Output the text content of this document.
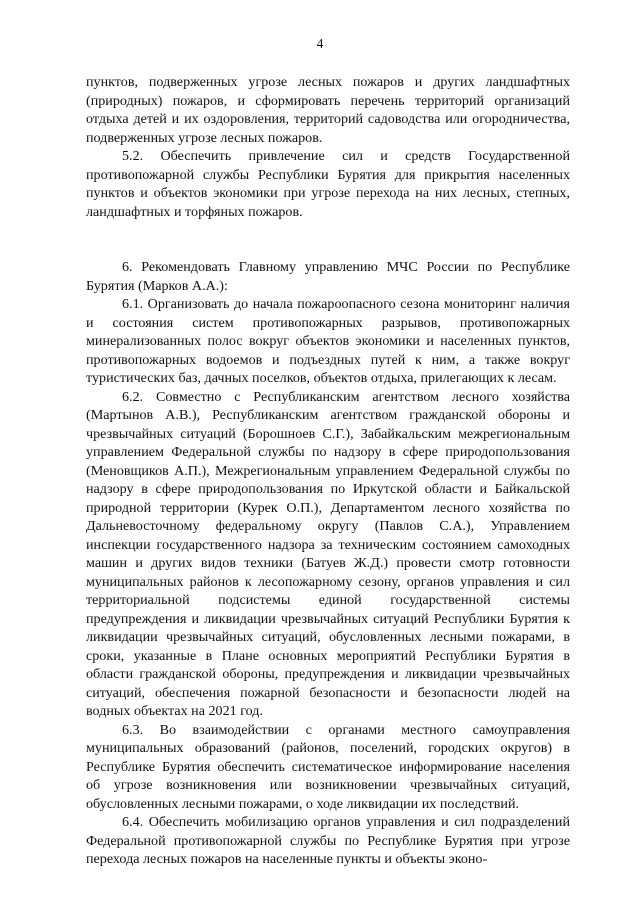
4

пунктов, подверженных угрозе лесных пожаров и других ландшафтных (природных) пожаров, и сформировать перечень территорий организаций отдыха детей и их оздоровления, территорий садоводства или огородничества, подверженных угрозе лесных пожаров.

5.2. Обеспечить привлечение сил и средств Государственной противопожарной службы Республики Бурятия для прикрытия населенных пунктов и объектов экономики при угрозе перехода на них лесных, степных, ландшафтных и торфяных пожаров.

6. Рекомендовать Главному управлению МЧС России по Республике Бурятия (Марков А.А.):

6.1. Организовать до начала пожароопасного сезона мониторинг наличия и состояния систем противопожарных разрывов, противопожарных минерализованных полос вокруг объектов экономики и населенных пунктов, противопожарных водоемов и подъездных путей к ним, а также вокруг туристических баз, дачных поселков, объектов отдыха, прилегающих к лесам.

6.2. Совместно с Республиканским агентством лесного хозяйства (Мартынов А.В.), Республиканским агентством гражданской обороны и чрезвычайных ситуаций (Борошноев С.Г.), Забайкальским межрегиональным управлением Федеральной службы по надзору в сфере природопользования (Меновщиков А.П.), Межрегиональным управлением Федеральной службы по надзору в сфере природопользования по Иркутской области и Байкальской природной территории (Курек О.П.), Департаментом лесного хозяйства по Дальневосточному федеральному округу (Павлов С.А.), Управлением инспекции государственного надзора за техническим состоянием самоходных машин и других видов техники (Батуев Ж.Д.) провести смотр готовности муниципальных районов к лесопожарному сезону, органов управления и сил территориальной подсистемы единой государственной системы предупреждения и ликвидации чрезвычайных ситуаций Республики Бурятия к ликвидации чрезвычайных ситуаций, обусловленных лесными пожарами, в сроки, указанные в Плане основных мероприятий Республики Бурятия в области гражданской обороны, предупреждения и ликвидации чрезвычайных ситуаций, обеспечения пожарной безопасности и безопасности людей на водных объектах на 2021 год.

6.3. Во взаимодействии с органами местного самоуправления муниципальных образований (районов, поселений, городских округов) в Республике Бурятия обеспечить систематическое информирование населения об угрозе возникновения или возникновении чрезвычайных ситуаций, обусловленных лесными пожарами, о ходе ликвидации их последствий.

6.4. Обеспечить мобилизацию органов управления и сил подразделений Федеральной противопожарной службы по Республике Бурятия при угрозе перехода лесных пожаров на населенные пункты и объекты эконо-
